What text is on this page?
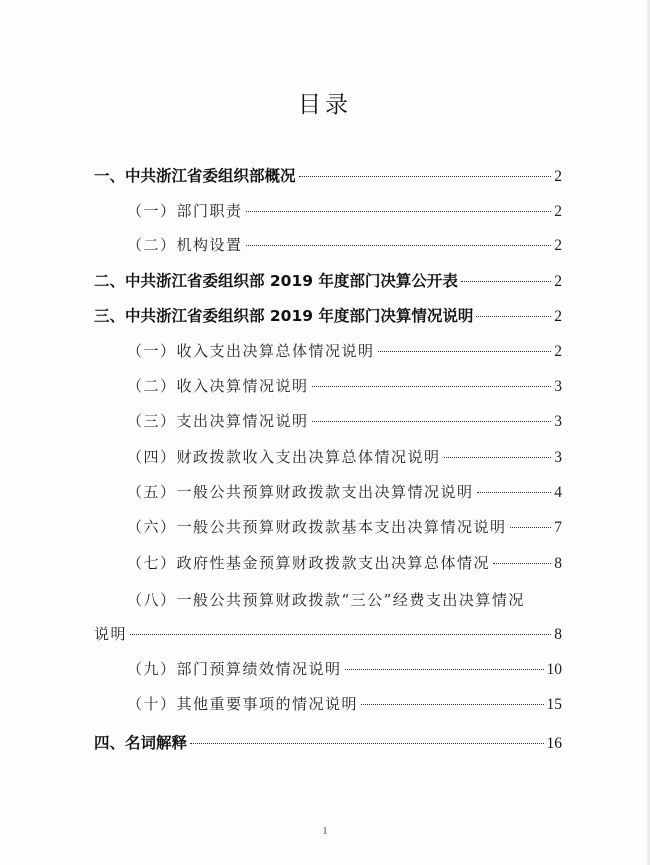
目录
一、中共浙江省委组织部概况	2
（一）部门职责	2
（二）机构设置	2
二、中共浙江省委组织部 2019 年度部门决算公开表	2
三、中共浙江省委组织部 2019 年度部门决算情况说明	2
（一）收入支出决算总体情况说明	2
（二）收入决算情况说明	3
（三）支出决算情况说明	3
（四）财政拨款收入支出决算总体情况说明	3
（五）一般公共预算财政拨款支出决算情况说明	4
（六）一般公共预算财政拨款基本支出决算情况说明	7
（七）政府性基金预算财政拨款支出决算总体情况	8
（八）一般公共预算财政拨款“三公”经费支出决算情况
说明	8
（九）部门预算绩效情况说明	10
（十）其他重要事项的情况说明	15
四、名词解释	16
1
